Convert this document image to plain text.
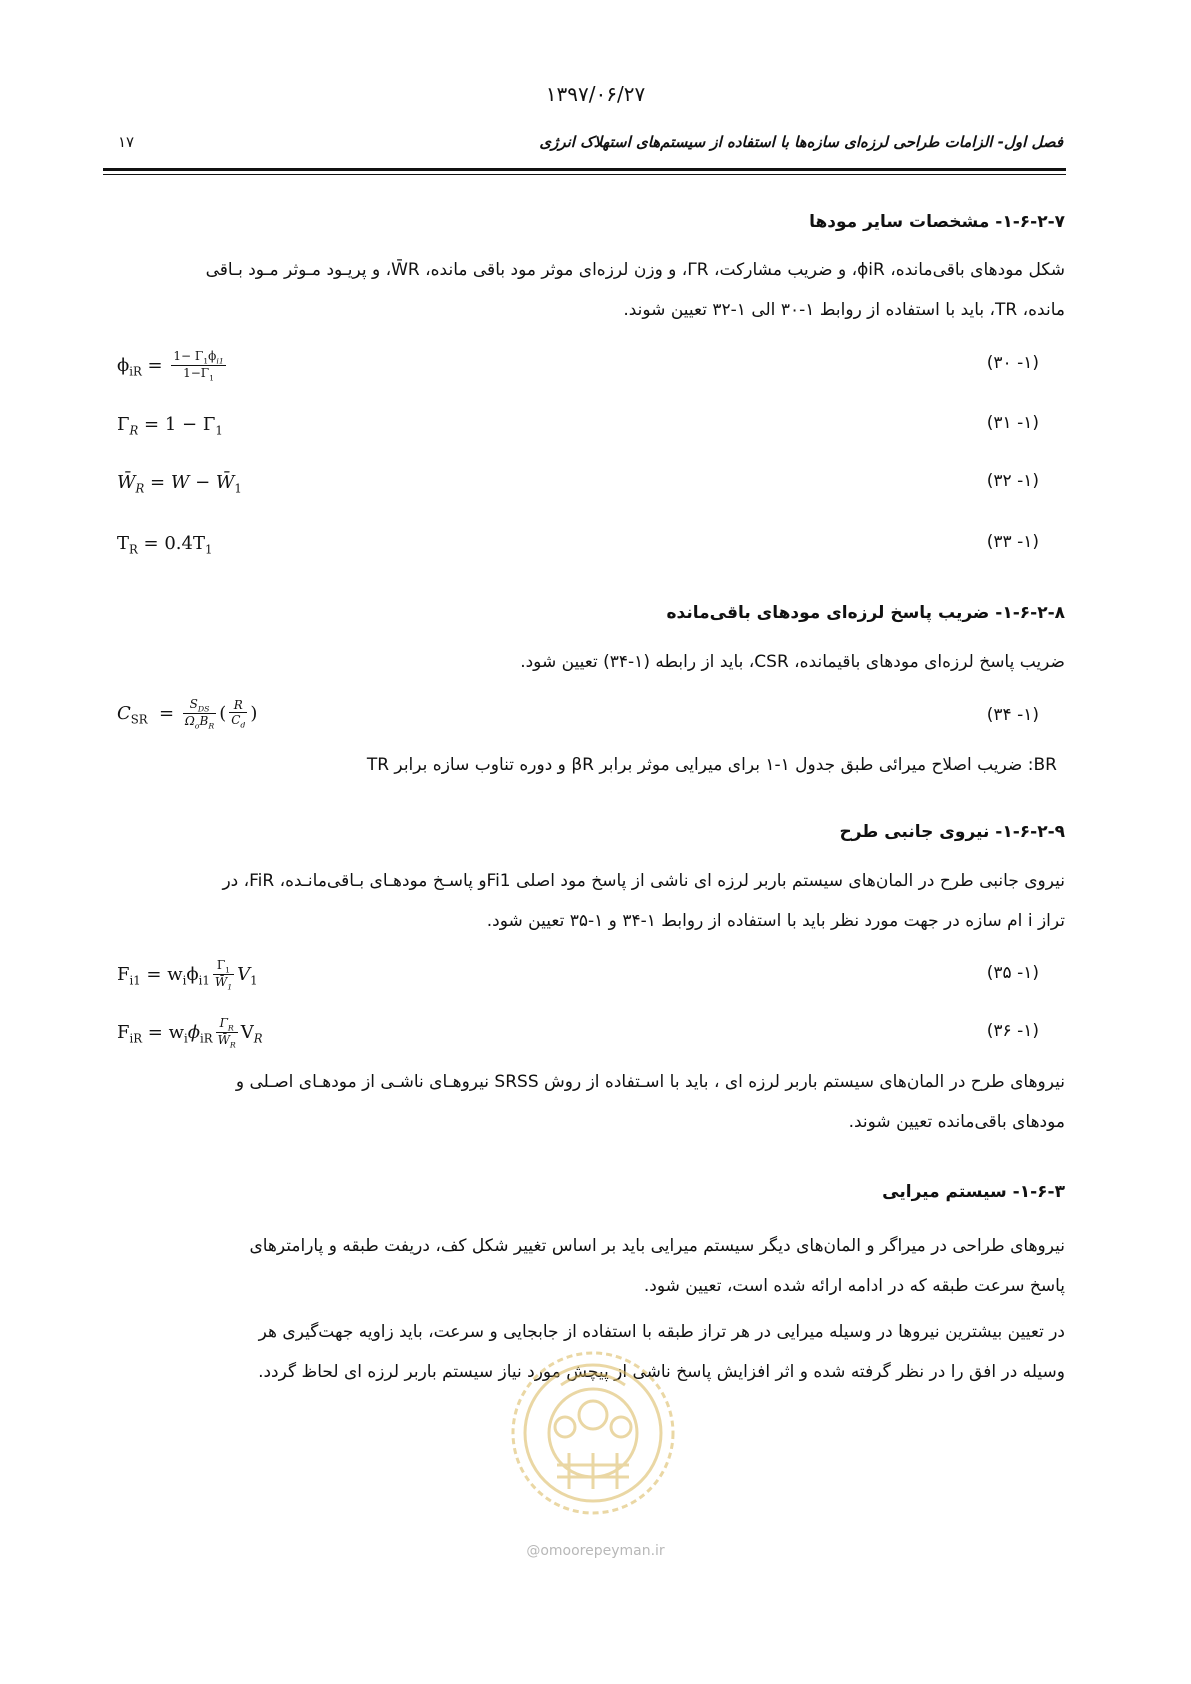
۱۳۹۷/۰۶/۲۷
فصل اول- الزامات طراحی لرزه‌ای سازه‌ها با استفاده از سیستم‌های استهلاک انرژی
۱۷
۱-۶-۲-۷- مشخصات سایر مودها
شکل مودهای باقی‌مانده، ϕiR، و ضریب مشارکت، ΓR، و وزن لرزه‌ای موثر مود باقی مانده، W̄R، و پریـود مـوثر مـود بـاقی
مانده، TR، باید با استفاده از روابط ۱-۳۰ الی ۱-۳۲ تعیین شوند.
$\phi_{iR} = \frac{1- \Gamma_1\phi_{i1}}{1-\Gamma_1}$	(۱- ۳۰)
$\Gamma_R = 1 - \Gamma_1$	(۱- ۳۱)
$W̄_R = W$ − $W̄_1$	(۱- ۳۲)
$T_R = 0.4T_1$	(۱- ۳۳)
۱-۶-۲-۸- ضریب پاسخ لرزه‌ای مودهای باقی‌مانده
ضریب پاسخ لرزه‌ای مودهای باقیمانده، CSR، باید از رابطه (۱-۳۴) تعیین شود.
$C_{SR} = \frac{S_{DS}}{\Omega_oB_R}$ ( $\frac{R}{C_d}$ )	(۱- ۳۴)
BR: ضریب اصلاح میرائی طبق جدول ۱-۱ برای میرایی موثر برابر βR و دوره تناوب سازه برابر TR
۱-۶-۲-۹- نیروی جانبی طرح
نیروی جانبی طرح در المان‌های سیستم باربر لرزه ای ناشی از پاسخ مود اصلی Fi1و پاسـخ مودهـای بـاقی‌مانـده، FiR، در
تراز i ام سازه در جهت مورد نظر باید با استفاده از روابط ۱-۳۴ و ۱-۳۵ تعیین شود.
$F_{i1} = w_i\phi_{i1} \frac{\Gamma_1}{W̄_1} V_1$	(۱- ۳۵)
$F_{iR} = w_i\phi_{iR} \frac{\Gamma_R}{W̄_R} V_R$	(۱- ۳۶)
نیروهای طرح در المان‌های سیستم باربر لرزه ای ، باید با اسـتفاده از روش SRSS نیروهـای ناشـی از مودهـای اصـلی و
مودهای باقی‌مانده تعیین شوند.
۱-۶-۳- سیستم میرایی
نیروهای طراحی در میراگر و المان‌های دیگر سیستم میرایی باید بر اساس تغییر شکل کف، دریفت طبقه و پارامترهای
پاسخ سرعت طبقه که در ادامه ارائه شده است، تعیین شود.
در تعیین بیشترین نیروها در وسیله میرایی در هر تراز طبقه با استفاده از جابجایی و سرعت، باید زاویه جهت‌گیری هر
وسیله در افق را در نظر گرفته شده و اثر افزایش پاسخ ناشی از پیچش مورد نیاز سیستم باربر لرزه ای لحاظ گردد.
@omoorepeyman.ir
